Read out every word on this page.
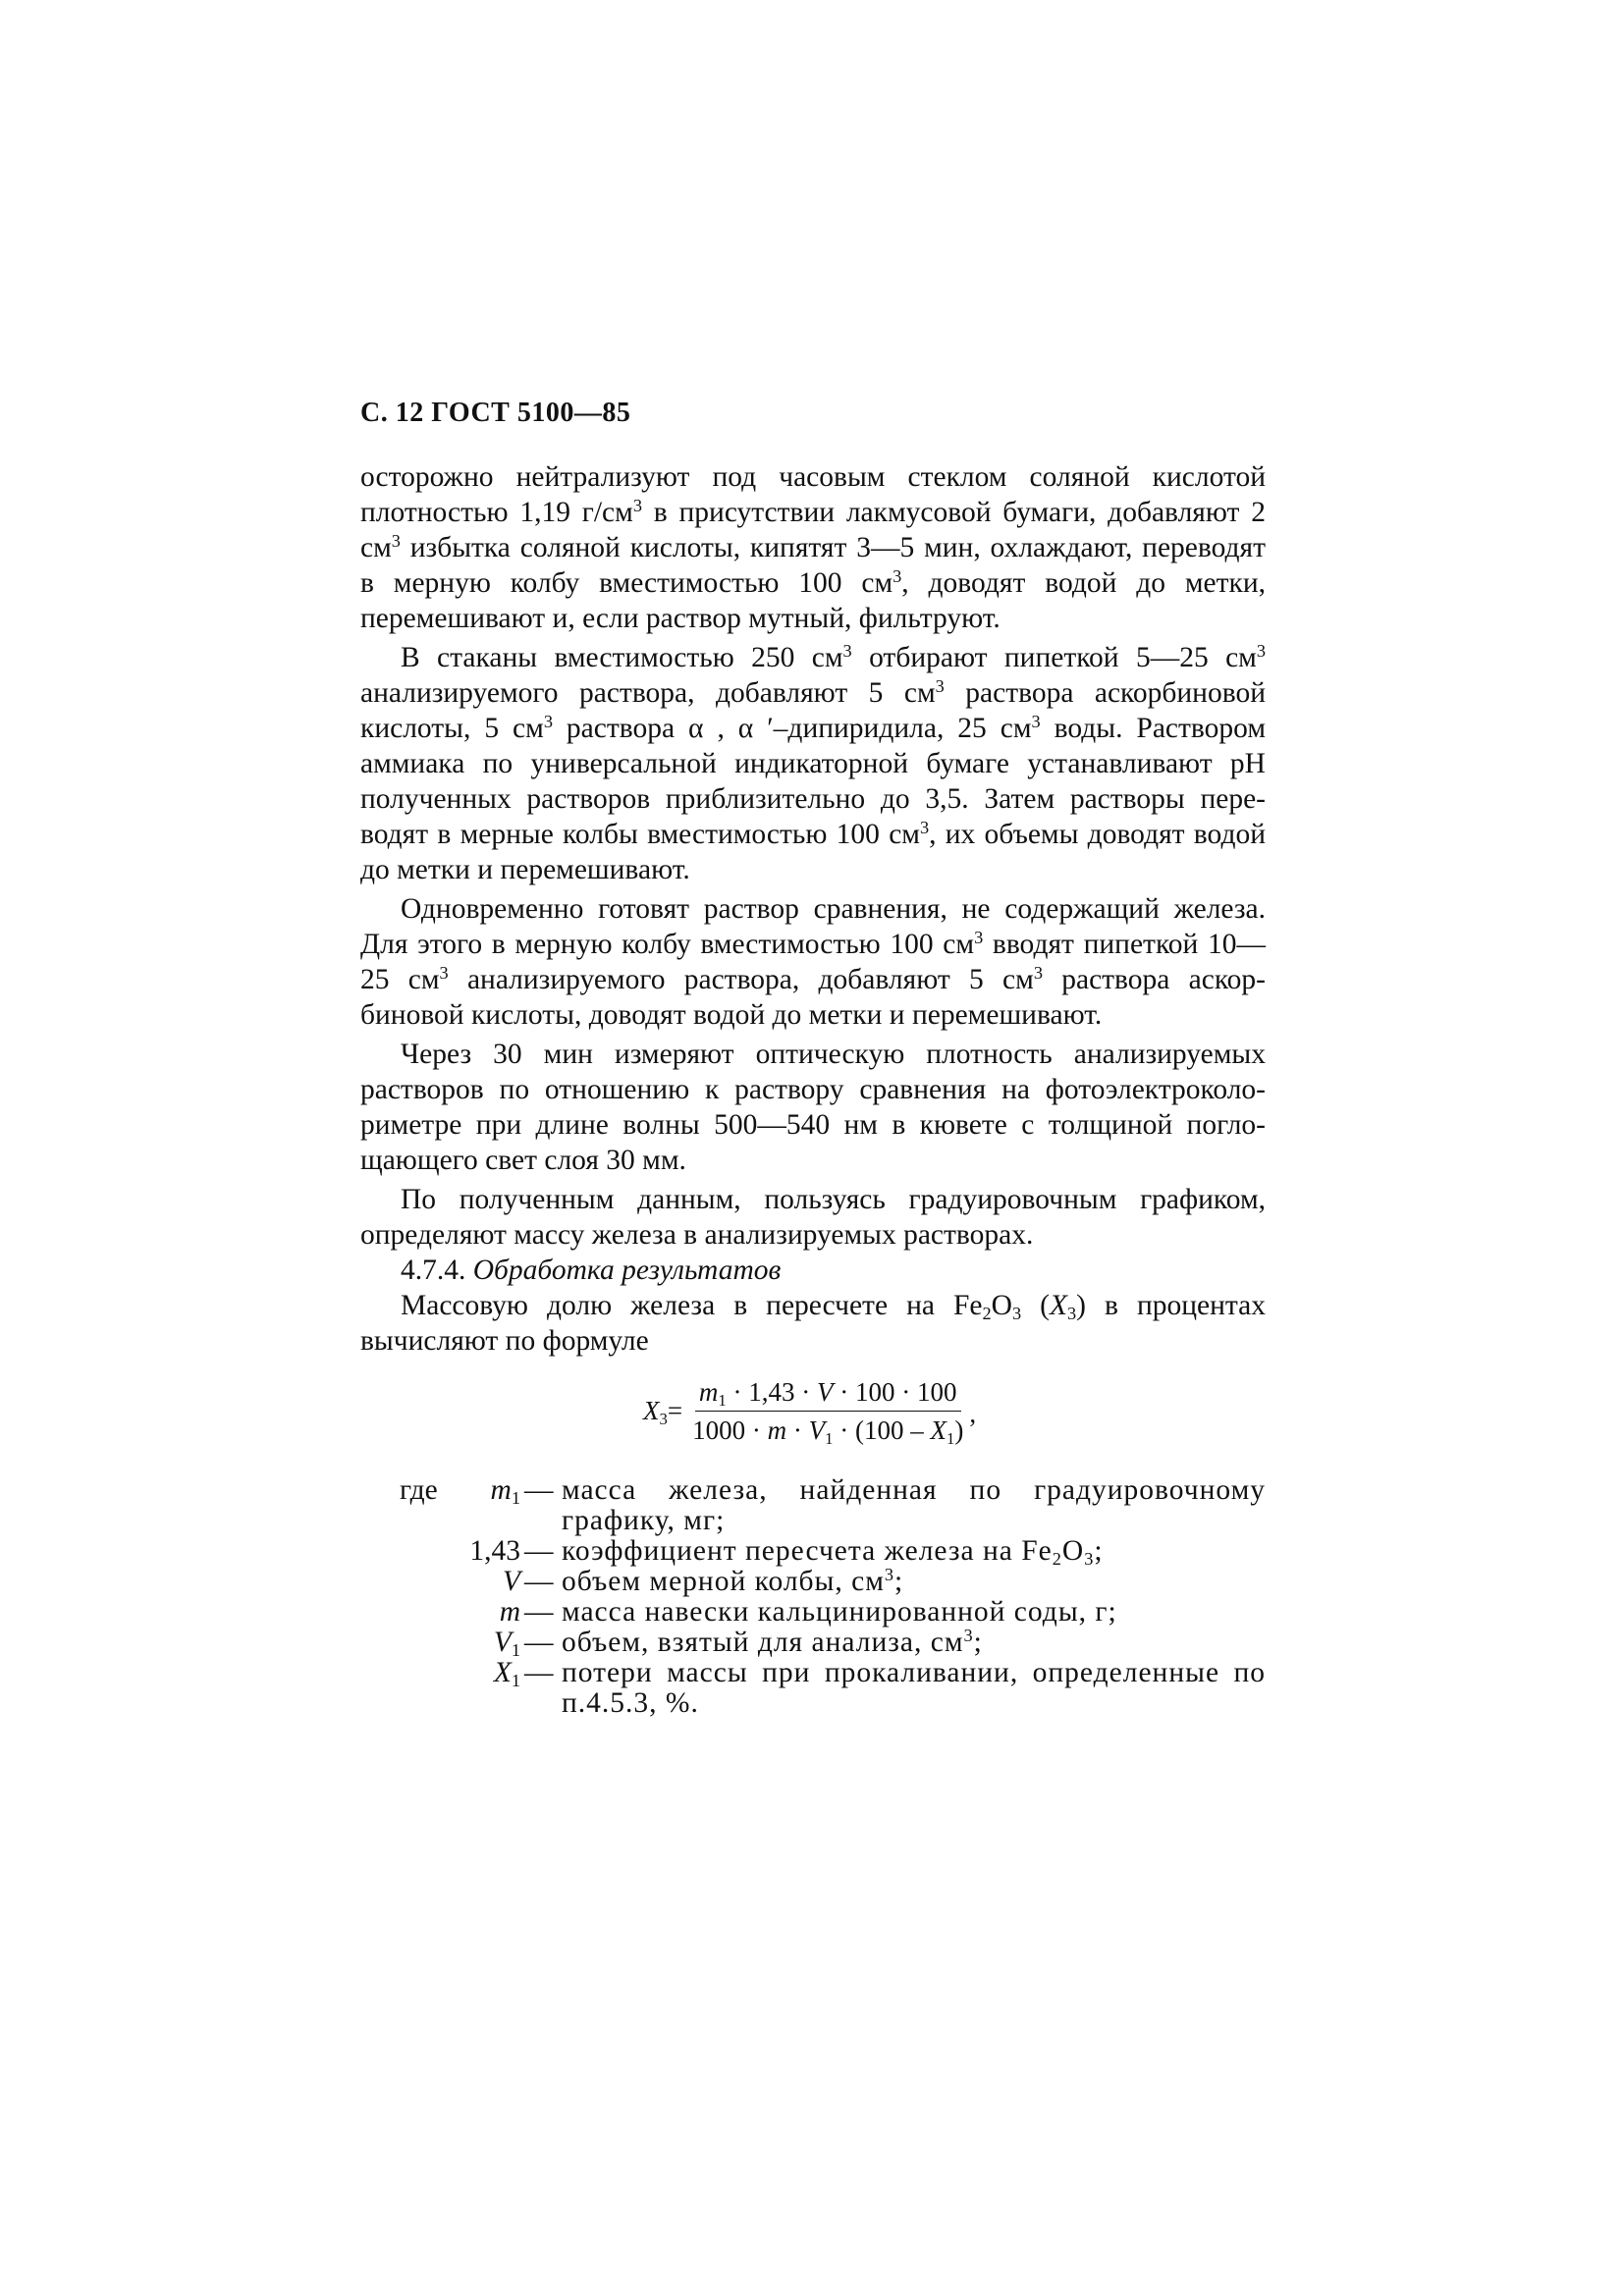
С. 12 ГОСТ 5100—85

осторожно нейтрализуют под часовым стеклом соляной кислотой плотностью 1,19 $г/см^3$ в присутствии лакмусовой бумаги, добавляют 2 $см^3$ избытка соляной кислоты, кипятят 3—5 мин, охлаждают, переводят в мерную колбу вместимостью 100 $см^3$, доводят водой до метки, перемешивают и, если раствор мутный, фильтруют.

В стаканы вместимостью 250 $см^3$ отбирают пипеткой 5—25 $см^3$ анализируемого раствора, добавляют 5 $см^3$ раствора аскорбиновой кислоты, 5 $см^3$ раствора α , α ′–дипиридила, 25 $см^3$ воды. Раствором аммиака по универсальной индикаторной бумаге устанавливают pH полученных растворов приблизительно до 3,5. Затем растворы переводят в мерные колбы вместимостью 100 $см^3$, их объемы доводят водой до метки и перемешивают.

Одновременно готовят раствор сравнения, не содержащий железа. Для этого в мерную колбу вместимостью 100 $см^3$ вводят пипеткой 10—25 $см^3$ анализируемого раствора, добавляют 5 $см^3$ раствора аскорбиновой кислоты, доводят водой до метки и перемешивают.

Через 30 мин измеряют оптическую плотность анализируемых растворов по отношению к раствору сравнения на фотоэлектроколориметре при длине волны 500—540 нм в кювете с толщиной поглощающего свет слоя 30 мм.

По полученным данным, пользуясь градуировочным графиком, определяют массу железа в анализируемых растворах.

4.7.4. Обработка результатов

Массовую долю железа в пересчете на $Fe_2O_3$ $(X_3)$ в процентах вычисляют по формуле

$X_3= \frac{m_1 \cdot 1,43 \cdot V \cdot 100 \cdot 100}{1000 \cdot m \cdot V_1 \cdot (100 - X_1)}$ ,
где $m_1$ — масса железа, найденная по градуировочному графику, мг;
1,43 — коэффициент пересчета железа на $Fe_2O_3$;
V — объем мерной колбы, $см^3$;
m — масса навески кальцинированной соды, г;
$V_1$ — объем, взятый для анализа, $см^3$;
$X_1$ — потери массы при прокаливании, определенные по п.4.5.3, %.
